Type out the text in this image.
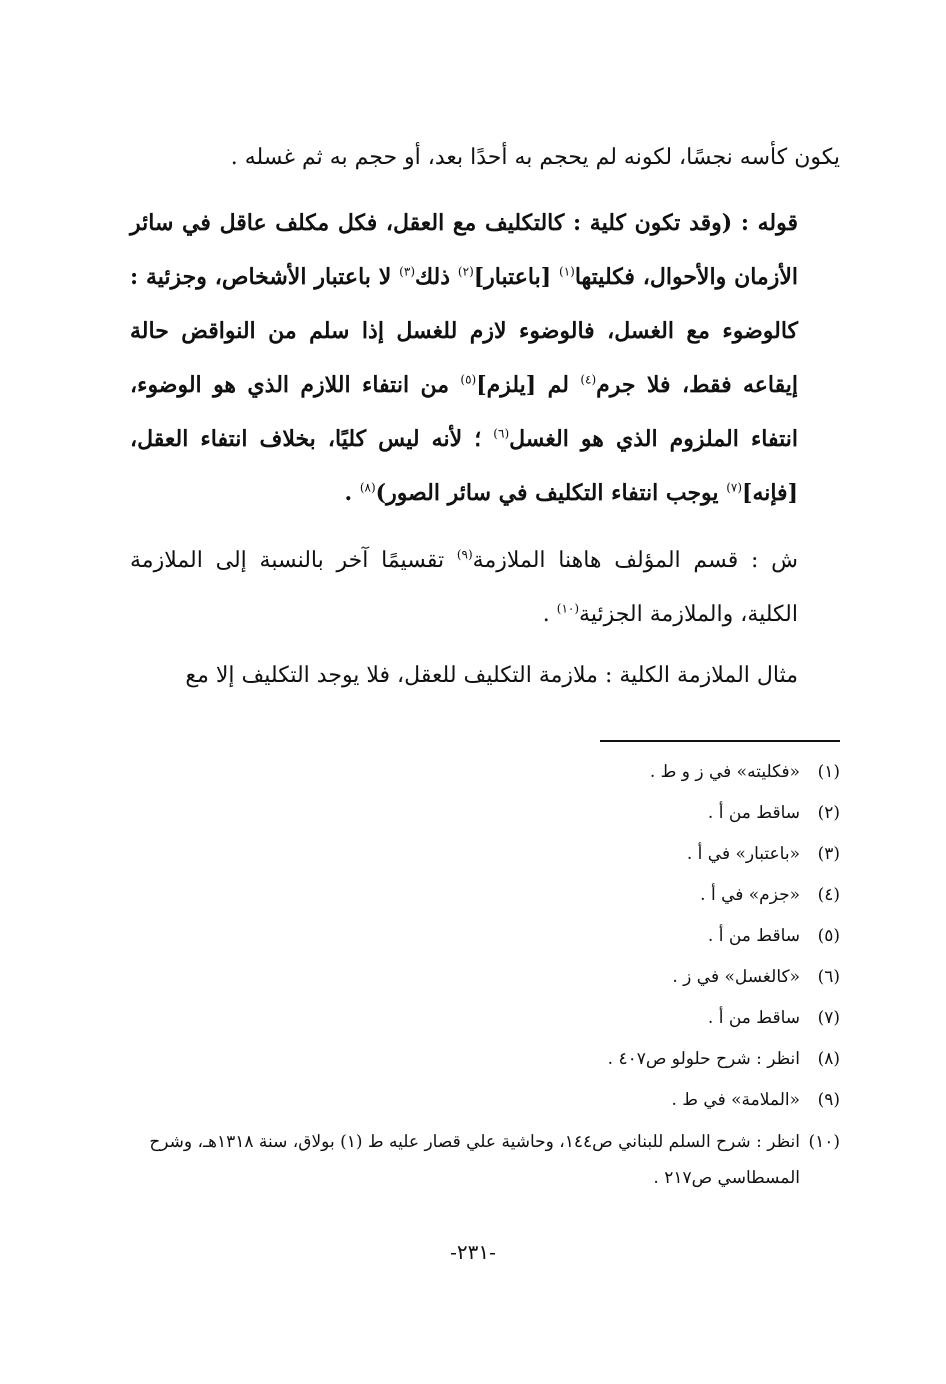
يكون كأسه نجسًا، لكونه لم يحجم به أحدًا بعد، أو حجم به ثم غسله .

قوله : (وقد تكون كلية : كالتكليف مع العقل، فكل مكلف عاقل في سائر الأزمان والأحوال، فكليتها$^{(١)}$ [باعتبار]$^{(٢)}$ ذلك$^{(٣)}$ لا باعتبار الأشخاص، وجزئية : كالوضوء مع الغسل، فالوضوء لازم للغسل إذا سلم من النواقض حالة إيقاعه فقط، فلا جرم$^{(٤)}$ لم [يلزم]$^{(٥)}$ من انتفاء اللازم الذي هو الوضوء، انتفاء الملزوم الذي هو الغسل$^{(٦)}$ ؛ لأنه ليس كليًا، بخلاف انتفاء العقل، [فإنه]$^{(٧)}$ يوجب انتفاء التكليف في سائر الصور)$^{(٨)}$ .

ش : قسم المؤلف هاهنا الملازمة$^{(٩)}$ تقسيمًا آخر بالنسبة إلى الملازمة الكلية، والملازمة الجزئية$^{(١٠)}$ .

مثال الملازمة الكلية : ملازمة التكليف للعقل، فلا يوجد التكليف إلا مع

(١)
«فكليته» في ز و ط .
(٢)
ساقط من أ .
(٣)
«باعتبار» في أ .
(٤)
«جزم» في أ .
(٥)
ساقط من أ .
(٦)
«كالغسل» في ز .
(٧)
ساقط من أ .
(٨)
انظر : شرح حلولو ص٤٠٧ .
(٩)
«الملامة» في ط .
(١٠)
انظر : شرح السلم للبناني ص١٤٤، وحاشية علي قصار عليه ط (١) بولاق، سنة ١٣١٨هـ، وشرح المسطاسي ص٢١٧ .
-٢٣١-
